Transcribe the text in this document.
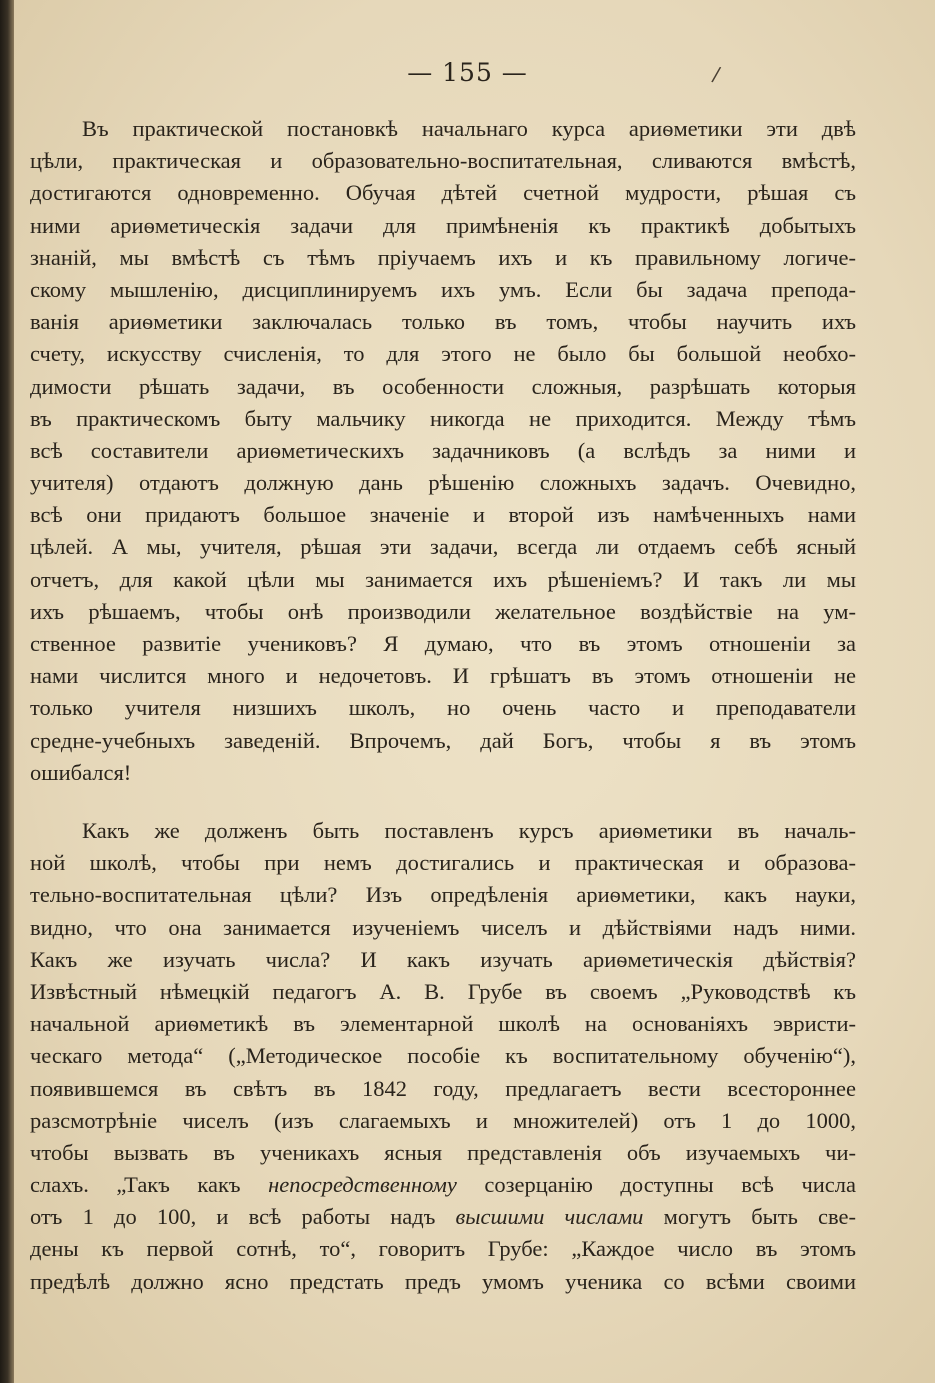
— 155 —	/
Въ практической постановкѣ начальнаго курса ариѳметики эти двѣ
цѣли, практическая и образовательно-воспитательная, сливаются вмѣстѣ,
достигаются одновременно. Обучая дѣтей счетной мудрости, рѣшая съ
ними ариѳметическія задачи для примѣненія къ практикѣ добытыхъ
знаній, мы вмѣстѣ съ тѣмъ пріучаемъ ихъ и къ правильному логиче-
скому мышленію, дисциплинируемъ ихъ умъ. Если бы задача препода-
ванія ариѳметики заключалась только въ томъ, чтобы научить ихъ
счету, искусству счисленія, то для этого не было бы большой необхо-
димости рѣшать задачи, въ особенности сложныя, разрѣшать которыя
въ практическомъ быту мальчику никогда не приходится. Между тѣмъ
всѣ составители ариѳметическихъ задачниковъ (а вслѣдъ за ними и
учителя) отдаютъ должную дань рѣшенію сложныхъ задачъ. Очевидно,
всѣ они придаютъ большое значеніе и второй изъ намѣченныхъ нами
цѣлей. А мы, учителя, рѣшая эти задачи, всегда ли отдаемъ себѣ ясный
отчетъ, для какой цѣли мы занимается ихъ рѣшеніемъ? И такъ ли мы
ихъ рѣшаемъ, чтобы онѣ производили желательное воздѣйствіе на ум-
ственное развитіе учениковъ? Я думаю, что въ этомъ отношеніи за
нами числится много и недочетовъ. И грѣшатъ въ этомъ отношеніи не
только учителя низшихъ школъ, но очень часто и преподаватели
средне-учебныхъ заведеній. Впрочемъ, дай Богъ, чтобы я въ этомъ
ошибался!
Какъ же долженъ быть поставленъ курсъ ариѳметики въ началь-
ной школѣ, чтобы при немъ достигались и практическая и образова-
тельно-воспитательная цѣли? Изъ опредѣленія ариѳметики, какъ науки,
видно, что она занимается изученіемъ чиселъ и дѣйствіями надъ ними.
Какъ же изучать числа? И какъ изучать ариѳметическія дѣйствія?
Извѣстный нѣмецкій педагогъ А. В. Грубе въ своемъ „Руководствѣ къ
начальной ариѳметикѣ въ элементарной школѣ на основаніяхъ эвристи-
ческаго метода“ („Методическое пособіе къ воспитательному обученію“),
появившемся въ свѣтъ въ 1842 году, предлагаетъ вести всестороннее
разсмотрѣніе чиселъ (изъ слагаемыхъ и множителей) отъ 1 до 1000,
чтобы вызвать въ ученикахъ ясныя представленія объ изучаемыхъ чи-
слахъ. „Такъ какъ непосредственному созерцанію доступны всѣ числа
отъ 1 до 100, и всѣ работы надъ высшими числами могутъ быть све-
дены къ первой сотнѣ, то“, говоритъ Грубе: „Каждое число въ этомъ
предѣлѣ должно ясно предстать предъ умомъ ученика со всѣми своими
